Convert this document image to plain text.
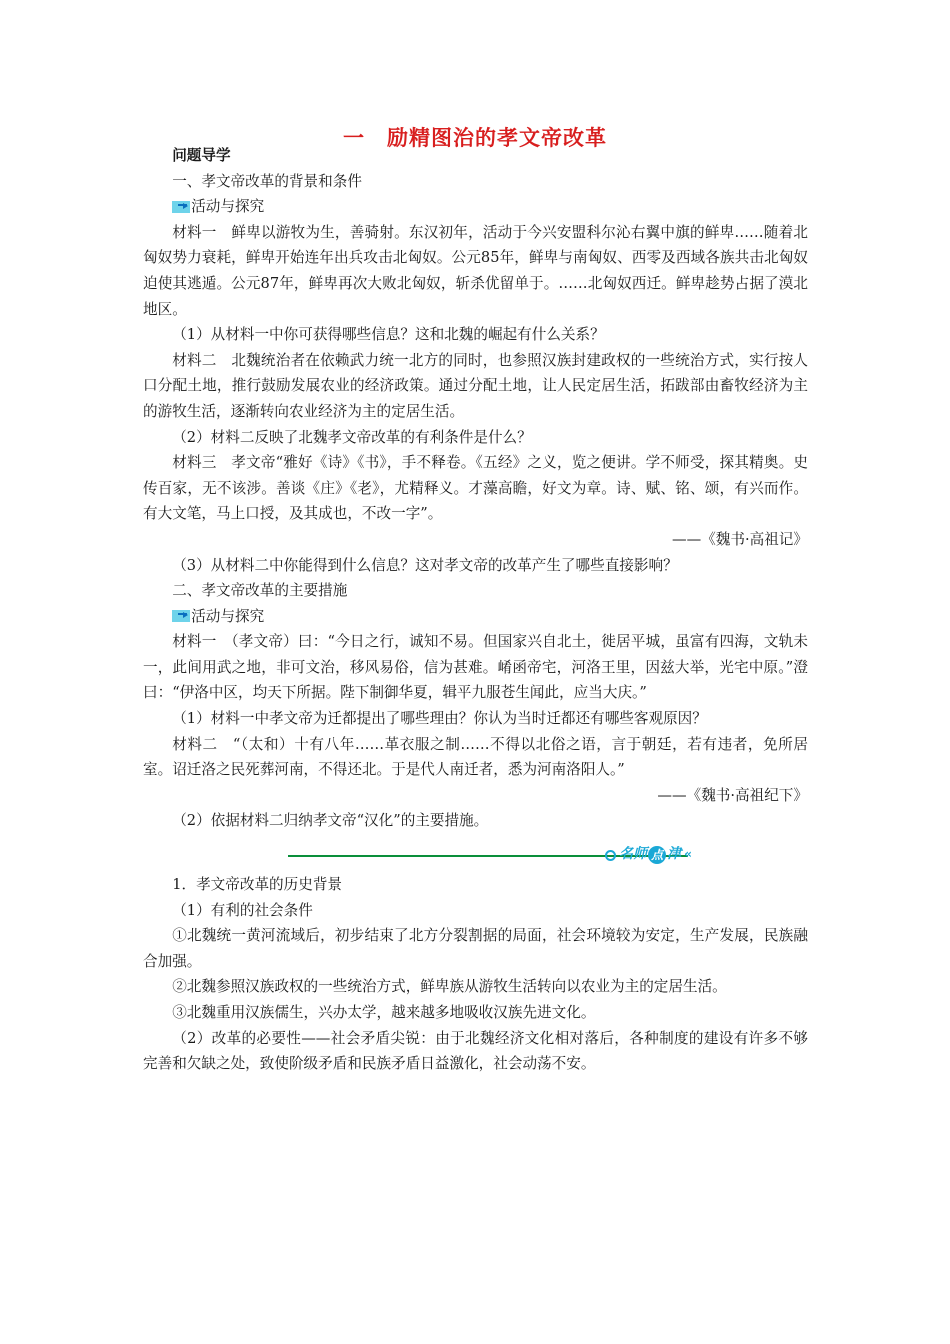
一　励精图治的孝文帝改革

问题导学

一、孝文帝改革的背景和条件

活动与探究

材料一　鲜卑以游牧为生，善骑射。东汉初年，活动于今兴安盟科尔沁右翼中旗的鲜卑……随着北匈奴势力衰耗，鲜卑开始连年出兵攻击北匈奴。公元85年，鲜卑与南匈奴、西零及西域各族共击北匈奴迫使其逃遁。公元87年，鲜卑再次大败北匈奴，斩杀优留单于。……北匈奴西迁。鲜卑趁势占据了漠北地区。

（1）从材料一中你可获得哪些信息？这和北魏的崛起有什么关系？

材料二　北魏统治者在依赖武力统一北方的同时，也参照汉族封建政权的一些统治方式，实行按人口分配土地，推行鼓励发展农业的经济政策。通过分配土地，让人民定居生活，拓跋部由畜牧经济为主的游牧生活，逐渐转向农业经济为主的定居生活。

（2）材料二反映了北魏孝文帝改革的有利条件是什么？

材料三　孝文帝“雅好《诗》《书》，手不释卷。《五经》之义，览之便讲。学不师受，探其精奥。史传百家，无不该涉。善谈《庄》《老》，尤精释义。才藻高瞻，好文为章。诗、赋、铭、颂，有兴而作。有大文笔，马上口授，及其成也，不改一字”。

——《魏书·高祖记》

（3）从材料二中你能得到什么信息？这对孝文帝的改革产生了哪些直接影响？

二、孝文帝改革的主要措施

活动与探究

材料一　（孝文帝）曰：“今日之行，诚知不易。但国家兴自北土，徙居平城，虽富有四海，文轨未一，此间用武之地，非可文治，移风易俗，信为甚难。崤函帝宅，河洛王里，因兹大举，光宅中原。”澄曰：“伊洛中区，均天下所据。陛下制御华夏，辑平九服苍生闻此，应当大庆。”

（1）材料一中孝文帝为迁都提出了哪些理由？你认为当时迁都还有哪些客观原因？

材料二　“（太和）十有八年……革衣服之制……不得以北俗之语，言于朝廷，若有违者，免所居室。诏迁洛之民死葬河南，不得还北。于是代人南迁者，悉为河南洛阳人。”

——《魏书·高祖纪下》

（2）依据材料二归纳孝文帝“汉化”的主要措施。

名师 点 津 ‹‹

1．孝文帝改革的历史背景

（1）有利的社会条件

①北魏统一黄河流域后，初步结束了北方分裂割据的局面，社会环境较为安定，生产发展，民族融合加强。

②北魏参照汉族政权的一些统治方式，鲜卑族从游牧生活转向以农业为主的定居生活。

③北魏重用汉族儒生，兴办太学，越来越多地吸收汉族先进文化。

（2）改革的必要性——社会矛盾尖锐：由于北魏经济文化相对落后，各种制度的建设有许多不够完善和欠缺之处，致使阶级矛盾和民族矛盾日益激化，社会动荡不安。
